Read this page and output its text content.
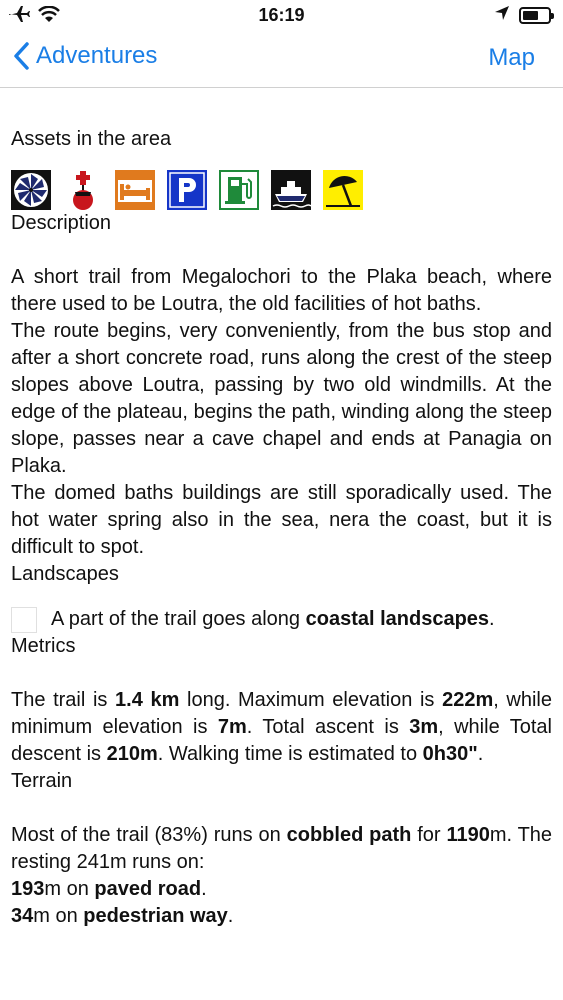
16:19
Adventures	Map

Assets in the area

Description

A short trail from Megalochori to the Plaka beach, where there used to be Loutra, the old facilities of hot baths.

The route begins, very conveniently, from the bus stop and after a short concrete road, runs along the crest of the steep slopes above Loutra, passing by two old windmills. At the edge of the plateau, begins the path, winding along the steep slope, passes near a cave chapel and ends at Panagia on Plaka.

The domed baths buildings are still sporadically used. The hot water spring also in the sea, nera the coast, but it is difficult to spot.

Landscapes

A part of the trail goes along coastal landscapes.

Metrics

The trail is 1.4 km long. Maximum elevation is 222m, while minimum elevation is 7m. Total ascent is 3m, while Total descent is 210m. Walking time is estimated to 0h30".

Terrain

Most of the trail (83%) runs on cobbled path for 1190m. The resting 241m runs on:

193m on paved road.

34m on pedestrian way.
